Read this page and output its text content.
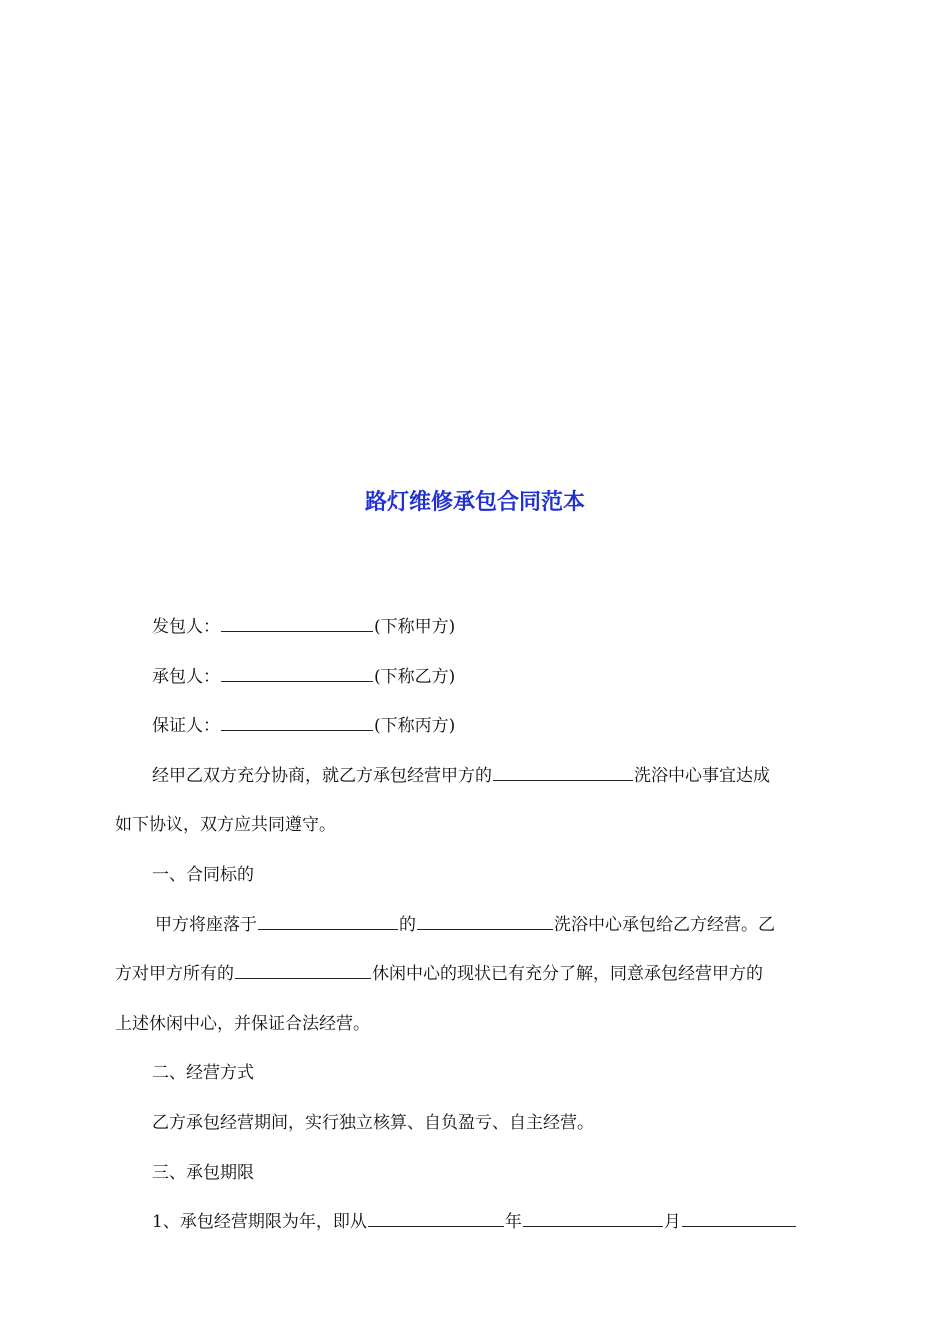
路灯维修承包合同范本

发包人：	(下称甲方)

承包人：	(下称乙方)

保证人：	(下称丙方)

经甲乙双方充分协商，就乙方承包经营甲方的	洗浴中心事宜达成

如下协议，双方应共同遵守。

一、合同标的

甲方将座落于	的	洗浴中心承包给乙方经营。乙

方对甲方所有的	休闲中心的现状已有充分了解，同意承包经营甲方的

上述休闲中心，并保证合法经营。

二、经营方式

乙方承包经营期间，实行独立核算、自负盈亏、自主经营。

三、承包期限

1、承包经营期限为年，即从	年	月
